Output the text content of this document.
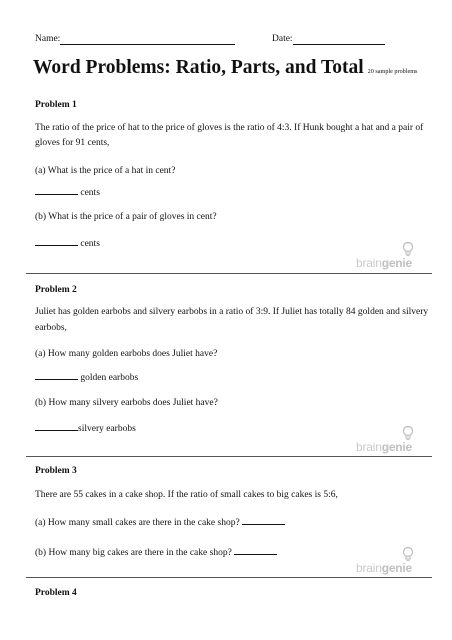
Name:	Date:
Word Problems: Ratio, Parts, and Total 20 sample problems
Problem 1
The ratio of the price of hat to the price of gloves is the ratio of 4:3. If Hunk bought a hat and a pair of
gloves for 91 cents,
(a) What is the price of a hat in cent?
cents
(b) What is the price of a pair of gloves in cent?
cents
braingenie
Problem 2
Juliet has golden earbobs and silvery earbobs in a ratio of 3:9. If Juliet has totally 84 golden and silvery
earbobs,
(a) How many golden earbobs does Juliet have?
golden earbobs
(b) How many silvery earbobs does Juliet have?
silvery earbobs
braingenie
Problem 3
There are 55 cakes in a cake shop. If the ratio of small cakes to big cakes is 5:6,
(a) How many small cakes are there in the cake shop?
(b) How many big cakes are there in the cake shop?
braingenie
Problem 4
